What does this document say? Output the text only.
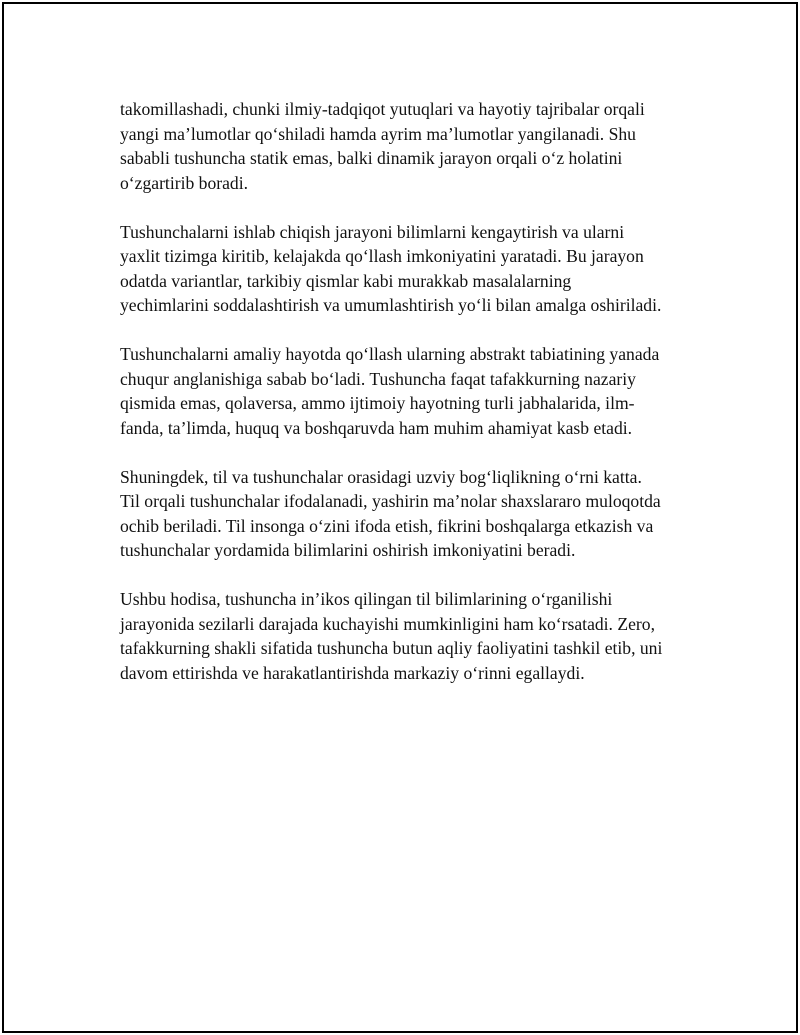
takomillashadi, chunki ilmiy-tadqiqot yutuqlari va hayotiy tajribalar orqali
yangi ma’lumotlar qo‘shiladi hamda ayrim ma’lumotlar yangilanadi. Shu
sababli tushuncha statik emas, balki dinamik jarayon orqali o‘z holatini
o‘zgartirib boradi.

Tushunchalarni ishlab chiqish jarayoni bilimlarni kengaytirish va ularni
yaxlit tizimga kiritib, kelajakda qo‘llash imkoniyatini yaratadi. Bu jarayon
odatda variantlar, tarkibiy qismlar kabi murakkab masalalarning
yechimlarini soddalashtirish va umumlashtirish yo‘li bilan amalga oshiriladi.

Tushunchalarni amaliy hayotda qo‘llash ularning abstrakt tabiatining yanada
chuqur anglanishiga sabab bo‘ladi. Tushuncha faqat tafakkurning nazariy
qismida emas, qolaversa, ammo ijtimoiy hayotning turli jabhalarida, ilm-
fanda, ta’limda, huquq va boshqaruvda ham muhim ahamiyat kasb etadi.

Shuningdek, til va tushunchalar orasidagi uzviy bog‘liqlikning o‘rni katta.
Til orqali tushunchalar ifodalanadi, yashirin ma’nolar shaxslararo muloqotda
ochib beriladi. Til insonga o‘zini ifoda etish, fikrini boshqalarga etkazish va
tushunchalar yordamida bilimlarini oshirish imkoniyatini beradi.

Ushbu hodisa, tushuncha in’ikos qilingan til bilimlarining o‘rganilishi
jarayonida sezilarli darajada kuchayishi mumkinligini ham ko‘rsatadi. Zero,
tafakkurning shakli sifatida tushuncha butun aqliy faoliyatini tashkil etib, uni
davom ettirishda ve harakatlantirishda markaziy o‘rinni egallaydi.
